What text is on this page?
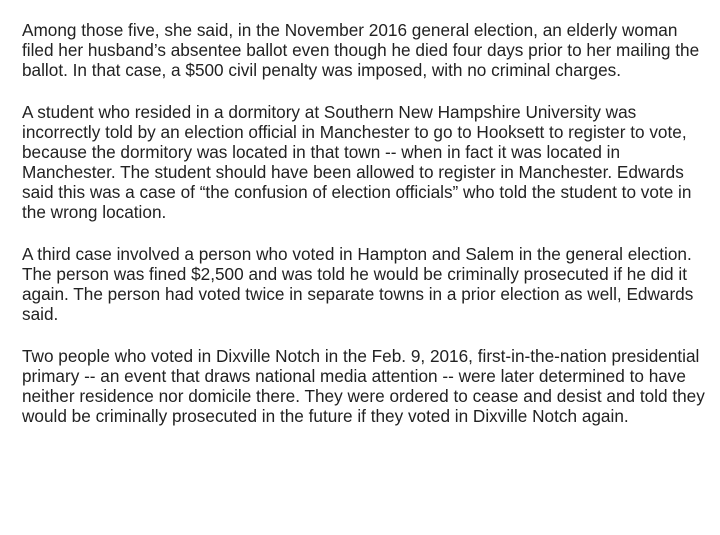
Among those five, she said, in the November 2016 general election, an elderly woman filed her husband’s absentee ballot even though he died four days prior to her mailing the ballot. In that case, a $500 civil penalty was imposed, with no criminal charges.

A student who resided in a dormitory at Southern New Hampshire University was incorrectly told by an election official in Manchester to go to Hooksett to register to vote, because the dormitory was located in that town -- when in fact it was located in Manchester. The student should have been allowed to register in Manchester. Edwards said this was a case of “the confusion of election officials” who told the student to vote in the wrong location.

A third case involved a person who voted in Hampton and Salem in the general election. The person was fined $2,500 and was told he would be criminally prosecuted if he did it again. The person had voted twice in separate towns in a prior election as well, Edwards said.

Two people who voted in Dixville Notch in the Feb. 9, 2016, first-in-the-nation presidential primary -- an event that draws national media attention -- were later determined to have neither residence nor domicile there. They were ordered to cease and desist and told they would be criminally prosecuted in the future if they voted in Dixville Notch again.
